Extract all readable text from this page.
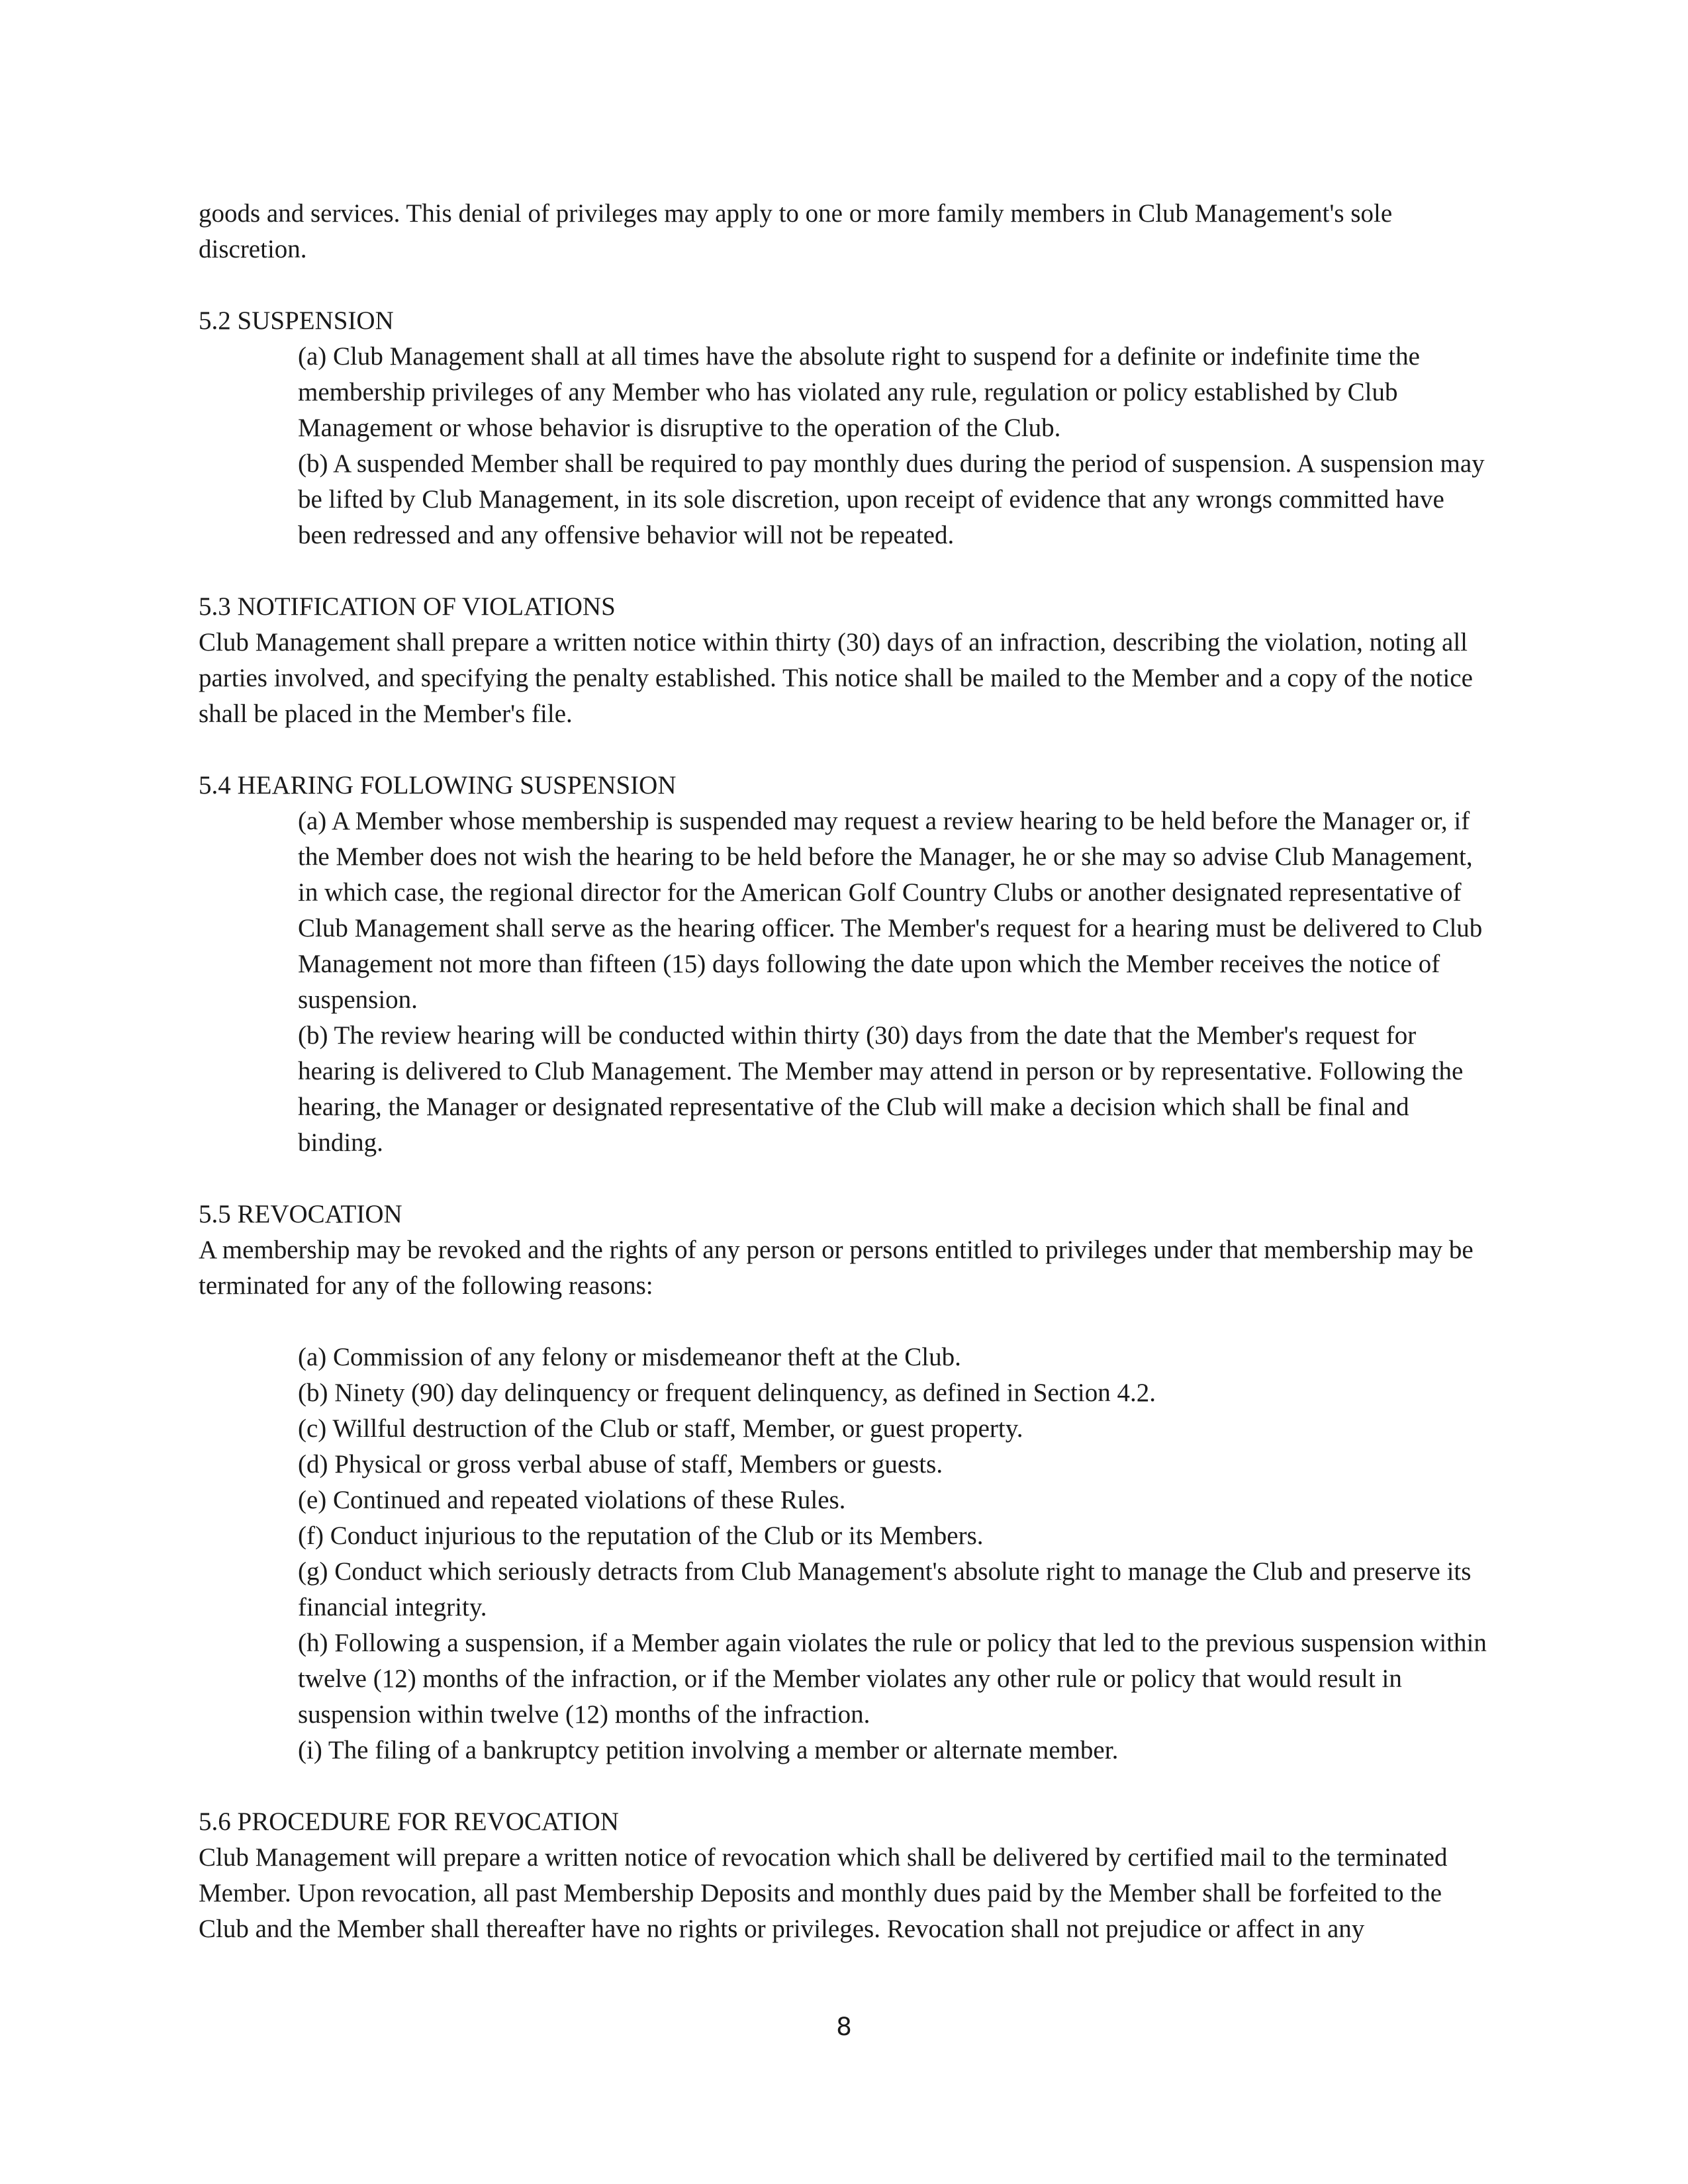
goods and services. This denial of privileges may apply to one or more family members in Club Management's sole discretion.

5.2 SUSPENSION

(a) Club Management shall at all times have the absolute right to suspend for a definite or indefinite time the membership privileges of any Member who has violated any rule, regulation or policy established by Club Management or whose behavior is disruptive to the operation of the Club.

(b) A suspended Member shall be required to pay monthly dues during the period of suspension. A suspension may be lifted by Club Management, in its sole discretion, upon receipt of evidence that any wrongs committed have been redressed and any offensive behavior will not be repeated.

5.3 NOTIFICATION OF VIOLATIONS

Club Management shall prepare a written notice within thirty (30) days of an infraction, describing the violation, noting all parties involved, and specifying the penalty established. This notice shall be mailed to the Member and a copy of the notice shall be placed in the Member's file.

5.4 HEARING FOLLOWING SUSPENSION

(a) A Member whose membership is suspended may request a review hearing to be held before the Manager or, if the Member does not wish the hearing to be held before the Manager, he or she may so advise Club Management, in which case, the regional director for the American Golf Country Clubs or another designated representative of Club Management shall serve as the hearing officer. The Member's request for a hearing must be delivered to Club Management not more than fifteen (15) days following the date upon which the Member receives the notice of suspension.

(b) The review hearing will be conducted within thirty (30) days from the date that the Member's request for hearing is delivered to Club Management. The Member may attend in person or by representative. Following the hearing, the Manager or designated representative of the Club will make a decision which shall be final and binding.

5.5 REVOCATION

A membership may be revoked and the rights of any person or persons entitled to privileges under that membership may be terminated for any of the following reasons:

(a) Commission of any felony or misdemeanor theft at the Club.

(b) Ninety (90) day delinquency or frequent delinquency, as defined in Section 4.2.

(c) Willful destruction of the Club or staff, Member, or guest property.

(d) Physical or gross verbal abuse of staff, Members or guests.

(e) Continued and repeated violations of these Rules.

(f) Conduct injurious to the reputation of the Club or its Members.

(g) Conduct which seriously detracts from Club Management's absolute right to manage the Club and preserve its financial integrity.

(h) Following a suspension, if a Member again violates the rule or policy that led to the previous suspension within twelve (12) months of the infraction, or if the Member violates any other rule or policy that would result in suspension within twelve (12) months of the infraction.

(i) The filing of a bankruptcy petition involving a member or alternate member.

5.6 PROCEDURE FOR REVOCATION

Club Management will prepare a written notice of revocation which shall be delivered by certified mail to the terminated Member. Upon revocation, all past Membership Deposits and monthly dues paid by the Member shall be forfeited to the Club and the Member shall thereafter have no rights or privileges. Revocation shall not prejudice or affect in any

8
